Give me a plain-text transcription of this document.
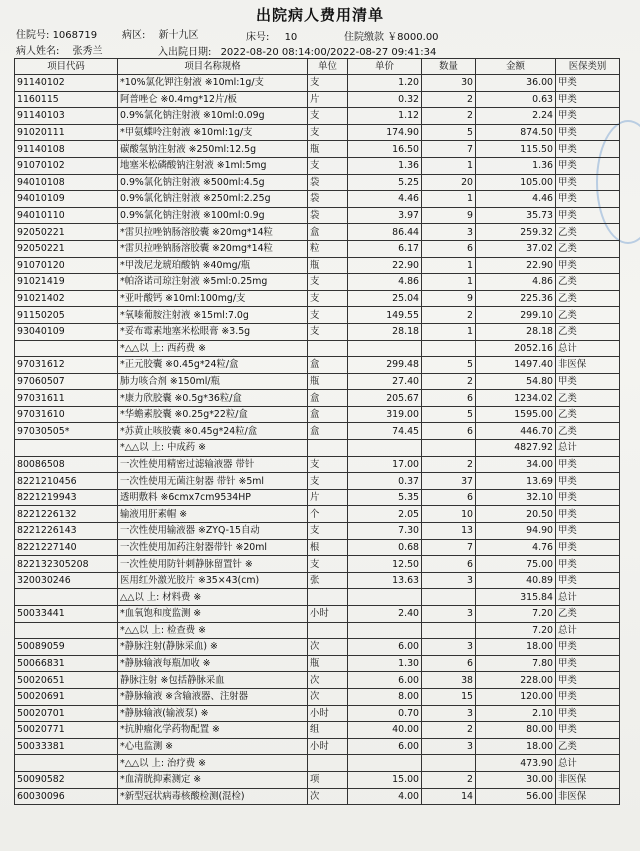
出院病人费用清单
住院号: 1068719 病区: 新十九区	床号: 10	住院缴款 ￥8000.00
病人姓名: 张秀兰	入出院日期: 2022-08-20 08:14:00/2022-08-27 09:41:34
项目代码	项目名称规格	单位	单价	数量	金额	医保类别
91140102	*10%氯化钾注射液 ※10ml:1g/支	支	1.20	30	36.00	甲类
1160115	阿普唑仑 ※0.4mg*12片/板	片	0.32	2	0.63	甲类
91140103	0.9%氯化钠注射液 ※10ml:0.09g	支	1.12	2	2.24	甲类
91020111	*甲氨蝶呤注射液 ※10ml:1g/支	支	174.90	5	874.50	甲类
91140108	碳酸氢钠注射液 ※250ml:12.5g	瓶	16.50	7	115.50	甲类
91070102	地塞米松磷酸钠注射液 ※1ml:5mg	支	1.36	1	1.36	甲类
94010108	0.9%氯化钠注射液 ※500ml:4.5g	袋	5.25	20	105.00	甲类
94010109	0.9%氯化钠注射液 ※250ml:2.25g	袋	4.46	1	4.46	甲类
94010110	0.9%氯化钠注射液 ※100ml:0.9g	袋	3.97	9	35.73	甲类
92050221	*雷贝拉唑钠肠溶胶囊 ※20mg*14粒	盒	86.44	3	259.32	乙类
92050221	*雷贝拉唑钠肠溶胶囊 ※20mg*14粒	粒	6.17	6	37.02	乙类
91070120	*甲泼尼龙琥珀酸钠 ※40mg/瓶	瓶	22.90	1	22.90	甲类
91021419	*帕洛诺司琼注射液 ※5ml:0.25mg	支	4.86	1	4.86	乙类
91021402	*亚叶酸钙 ※10ml:100mg/支	支	25.04	9	225.36	乙类
91150205	*氧嗪葡胺注射液 ※15ml:7.0g	支	149.55	2	299.10	乙类
93040109	*妥布霉素地塞米松眼膏 ※3.5g	支	28.18	1	28.18	乙类
	*△△以 上: 西药费 ※				2052.16	总计
97031612	*正元胶囊 ※0.45g*24粒/盒	盒	299.48	5	1497.40	非医保
97060507	肺力咳合剂 ※150ml/瓶	瓶	27.40	2	54.80	甲类
97031611	*康力欣胶囊 ※0.5g*36粒/盒	盒	205.67	6	1234.02	乙类
97031610	*华蟾素胶囊 ※0.25g*22粒/盒	盒	319.00	5	1595.00	乙类
97030505*	*苏黄止咳胶囊 ※0.45g*24粒/盒	盒	74.45	6	446.70	乙类
	*△△以 上: 中成药 ※				4827.92	总计
80086508	一次性使用精密过滤输液器 带针	支	17.00	2	34.00	甲类
8221210456	一次性使用无菌注射器 带针 ※5ml	支	0.37	37	13.69	甲类
8221219943	透明敷料 ※6cmx7cm9534HP	片	5.35	6	32.10	甲类
8221226132	输液用肝素帽 ※	个	2.05	10	20.50	甲类
8221226143	一次性使用输液器 ※ZYQ-15自动	支	7.30	13	94.90	甲类
8221227140	一次性使用加药注射器带针 ※20ml	根	0.68	7	4.76	甲类
822132305208	一次性使用防针刺静脉留置针 ※	支	12.50	6	75.00	甲类
320030246	医用红外激光胶片 ※35×43(cm)	张	13.63	3	40.89	甲类
	△△以 上: 材料费 ※				315.84	总计
50033441	*血氧饱和度监测 ※	小时	2.40	3	7.20	乙类
	*△△以 上: 检查费 ※				7.20	总计
50089059	*静脉注射(静脉采血) ※	次	6.00	3	18.00	甲类
50066831	*静脉输液每瓶加收 ※	瓶	1.30	6	7.80	甲类
50020651	静脉注射 ※包括静脉采血	次	6.00	38	228.00	甲类
50020691	*静脉输液 ※含输液器、注射器	次	8.00	15	120.00	甲类
50020701	*静脉输液(输液泵) ※	小时	0.70	3	2.10	甲类
50020771	*抗肿瘤化学药物配置 ※	组	40.00	2	80.00	甲类
50033381	*心电监测 ※	小时	6.00	3	18.00	乙类
	*△△以 上: 治疗费 ※				473.90	总计
50090582	*血清胱抑素测定 ※	项	15.00	2	30.00	非医保
60030096	*新型冠状病毒核酸检测(混检)	次	4.00	14	56.00	非医保
